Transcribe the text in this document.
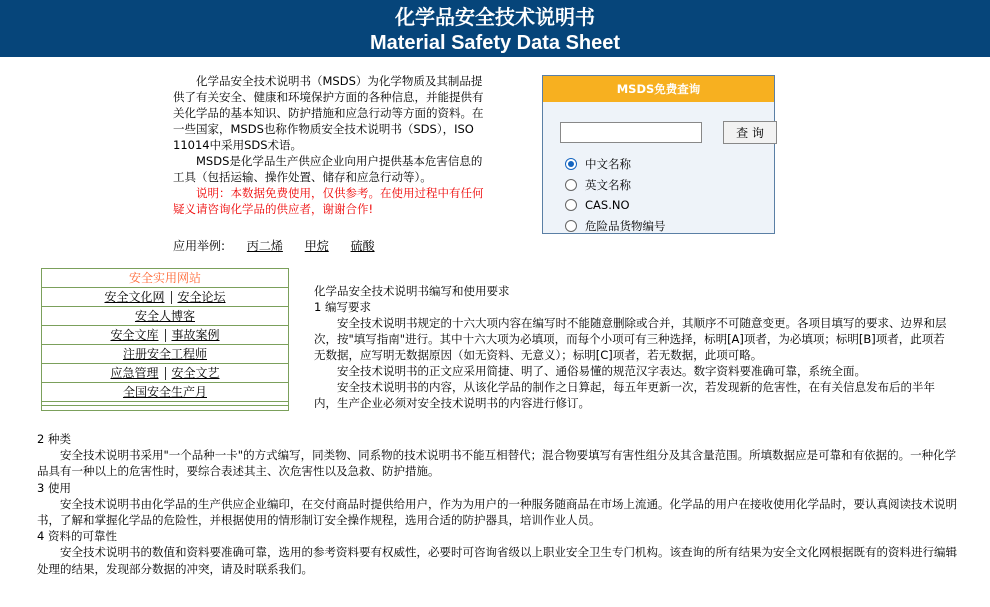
化学品安全技术说明书
Material Safety Data Sheet

化学品安全技术说明书（MSDS）为化学物质及其制品提供了有关安全、健康和环境保护方面的各种信息，并能提供有关化学品的基本知识、防护措施和应急行动等方面的资料。在一些国家，MSDS也称作物质安全技术说明书（SDS），ISO 11014中采用SDS术语。

MSDS是化学品生产供应企业向用户提供基本危害信息的工具（包括运输、操作处置、储存和应急行动等）。

说明：本数据免费使用，仅供参考。在使用过程中有任何疑义请咨询化学品的供应者，谢谢合作!

应用举例: 丙二烯 甲烷 硫酸
MSDS免费查询
查 询
中文名称
英文名称
CAS.NO
危险品货物编号
安全实用网站
安全文化网 安全论坛
安全人博客
安全文库 事故案例
注册安全工程师
应急管理 安全文艺
全国安全生产月
化学品安全技术说明书编写和使用要求
1 编写要求
安全技术说明书规定的十六大项内容在编写时不能随意删除或合并，其顺序不可随意变更。各项目填写的要求、边界和层次，按"填写指南"进行。其中十六大项为必填项，而每个小项可有三种选择，标明[A]项者，为必填项；标明[B]项者，此项若无数据，应写明无数据原因（如无资料、无意义）；标明[C]项者，若无数据，此项可略。
安全技术说明书的正文应采用简捷、明了、通俗易懂的规范汉字表达。数字资料要准确可靠，系统全面。
安全技术说明书的内容，从该化学品的制作之日算起，每五年更新一次，若发现新的危害性，在有关信息发布后的半年内，生产企业必须对安全技术说明书的内容进行修订。
2 种类
安全技术说明书采用"一个品种一卡"的方式编写，同类物、同系物的技术说明书不能互相替代；混合物要填写有害性组分及其含量范围。所填数据应是可靠和有依据的。一种化学品具有一种以上的危害性时，要综合表述其主、次危害性以及急救、防护措施。
3 使用
安全技术说明书由化学品的生产供应企业编印，在交付商品时提供给用户，作为为用户的一种服务随商品在市场上流通。化学品的用户在接收使用化学品时，要认真阅读技术说明书，了解和掌握化学品的危险性，并根据使用的情形制订安全操作规程，选用合适的防护器具，培训作业人员。
4 资料的可靠性
安全技术说明书的数值和资料要准确可靠，选用的参考资料要有权威性，必要时可咨询省级以上职业安全卫生专门机构。该查询的所有结果为安全文化网根据既有的资料进行编辑处理的结果，发现部分数据的冲突，请及时联系我们。
